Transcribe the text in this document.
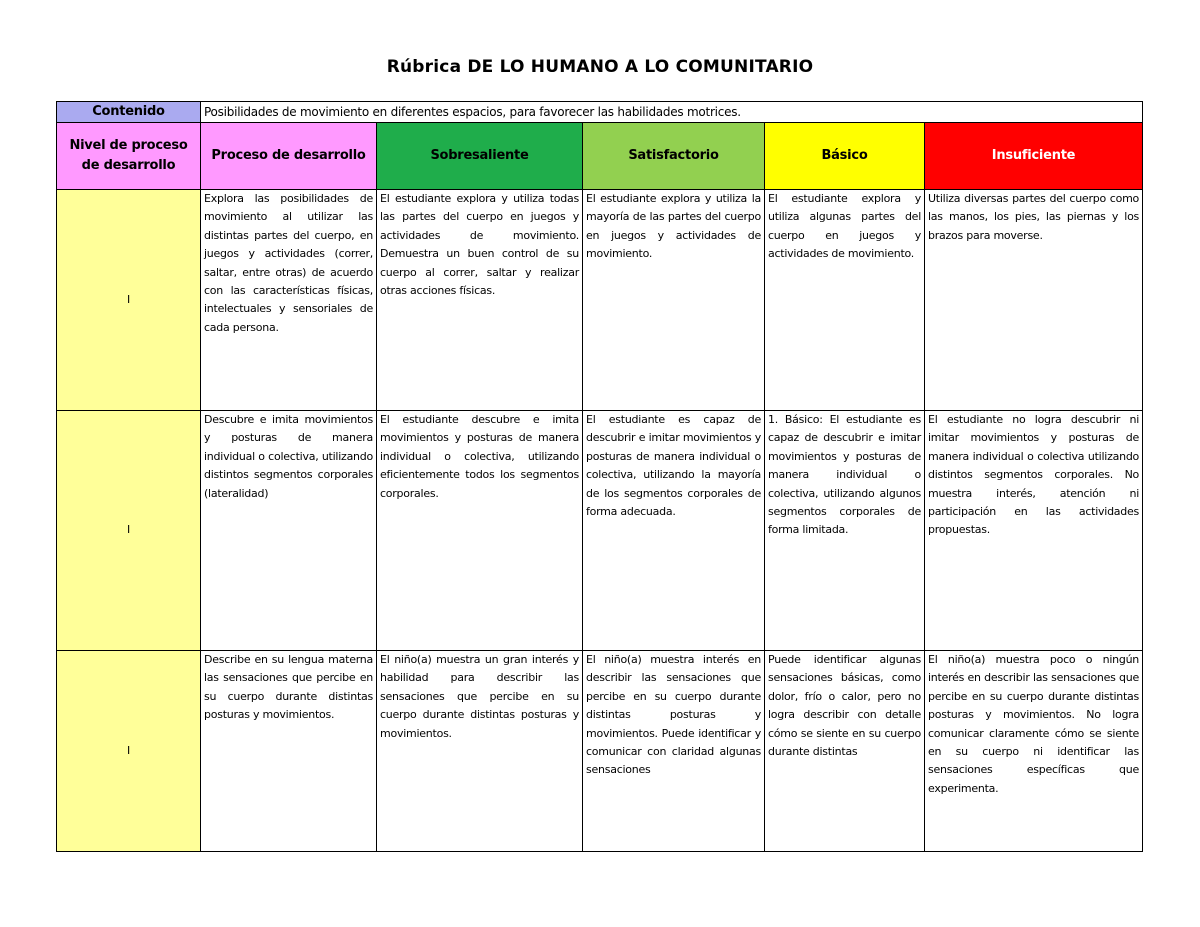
Rúbrica DE LO HUMANO A LO COMUNITARIO
Contenido	Posibilidades de movimiento en diferentes espacios, para favorecer las habilidades motrices.				
Nivel de proceso de desarrollo	Proceso de desarrollo	Sobresaliente	Satisfactorio	Básico	Insuficiente
I	Explora las posibilidades de movimiento al utilizar las distintas partes del cuerpo, en juegos y actividades (correr, saltar, entre otras) de acuerdo con las características físicas, intelectuales y sensoriales de cada persona.	El estudiante explora y utiliza todas las partes del cuerpo en juegos y actividades de movimiento. Demuestra un buen control de su cuerpo al correr, saltar y realizar otras acciones físicas.	El estudiante explora y utiliza la mayoría de las partes del cuerpo en juegos y actividades de movimiento.	El estudiante explora y utiliza algunas partes del cuerpo en juegos y actividades de movimiento.	Utiliza diversas partes del cuerpo como las manos, los pies, las piernas y los brazos para moverse.
I	Descubre e imita movimientos y posturas de manera individual o colectiva, utilizando distintos segmentos corporales (lateralidad)	El estudiante descubre e imita movimientos y posturas de manera individual o colectiva, utilizando eficientemente todos los segmentos corporales.	El estudiante es capaz de descubrir e imitar movimientos y posturas de manera individual o colectiva, utilizando la mayoría de los segmentos corporales de forma adecuada.	1. Básico: El estudiante es capaz de descubrir e imitar movimientos y posturas de manera individual o colectiva, utilizando algunos segmentos corporales de forma limitada.	El estudiante no logra descubrir ni imitar movimientos y posturas de manera individual o colectiva utilizando distintos segmentos corporales. No muestra interés, atención ni participación en las actividades propuestas.
I	Describe en su lengua materna las sensaciones que percibe en su cuerpo durante distintas posturas y movimientos.	El niño(a) muestra un gran interés y habilidad para describir las sensaciones que percibe en su cuerpo durante distintas posturas y movimientos.	El niño(a) muestra interés en describir las sensaciones que percibe en su cuerpo durante distintas posturas y movimientos. Puede identificar y comunicar con claridad algunas sensaciones	Puede identificar algunas sensaciones básicas, como dolor, frío o calor, pero no logra describir con detalle cómo se siente en su cuerpo durante distintas	El niño(a) muestra poco o ningún interés en describir las sensaciones que percibe en su cuerpo durante distintas posturas y movimientos. No logra comunicar claramente cómo se siente en su cuerpo ni identificar las sensaciones específicas que experimenta.
